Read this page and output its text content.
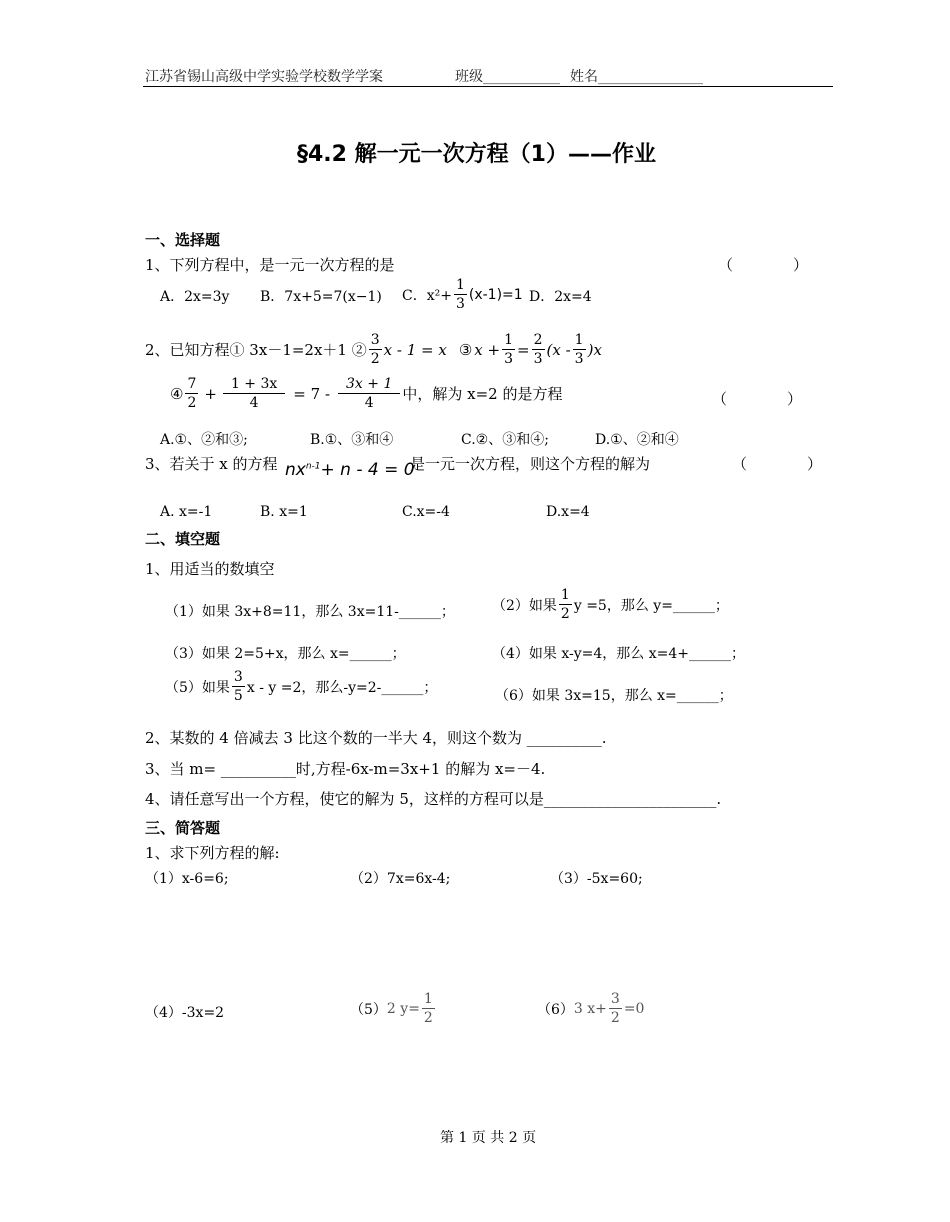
江苏省锡山高级中学实验学校数学学案	班级___________ 姓名_______________
§4.2 解一元一次方程（1）——作业
一、选择题
1、下列方程中，是一元一次方程的是	（　　　　）
A．2x=3y B．7x+5=7(x−1) C．$x^2+ \frac{1}{3} (x-1)=1$ D．2x=4
2、已知方程① 3x－1=2x＋1 ② $\frac{3}{2}$ x - 1 = x ③ $x + \frac{1}{3} = \frac{2}{3} (x - \frac{1}{3} )x$
④ $\frac{7}{2} + \frac{1 + 3x}{4} = 7 - \frac{3x + 1}{4}$ 中，解为 x=2 的是方程	（　　　　）
A.①、②和③;	B.①、③和④	C.②、③和④;	D.①、②和④
3、若关于 x 的方程 $nx^{n-1}+ n - 4 = 0$
是一元一次方程，则这个方程的解为	（　　　　）
A. x=-1	B. x=1	C.x=-4	D.x=4
二、填空题
1、用适当的数填空
（1）如果 3x+8=11，那么 3x=11-______；	（2）如果 $\frac{1}{2}$ y =5，那么 y=______；
（3）如果 2=5+x，那么 x=______；	（4）如果 x-y=4，那么 x=4+______；
（5）如果 $\frac{3}{5}$ x - y =2，那么-y=2-______；
（6）如果 3x=15，那么 x=______；
2、某数的 4 倍减去 3 比这个数的一半大 4，则这个数为 __________.
3、当 m= __________时,方程-6x-m=3x+1 的解为 x=－4.
4、请任意写出一个方程，使它的解为 5，这样的方程可以是_______________________.
三、简答题
1、求下列方程的解:
（1）x-6=6;	（2）7x=6x-4;	（3）-5x=60;
（4）-3x=2	（5） 2 $y= \frac{1}{2}$	（6） 3 $x+ \frac{3}{2} =0$
第 1 页 共 2 页
